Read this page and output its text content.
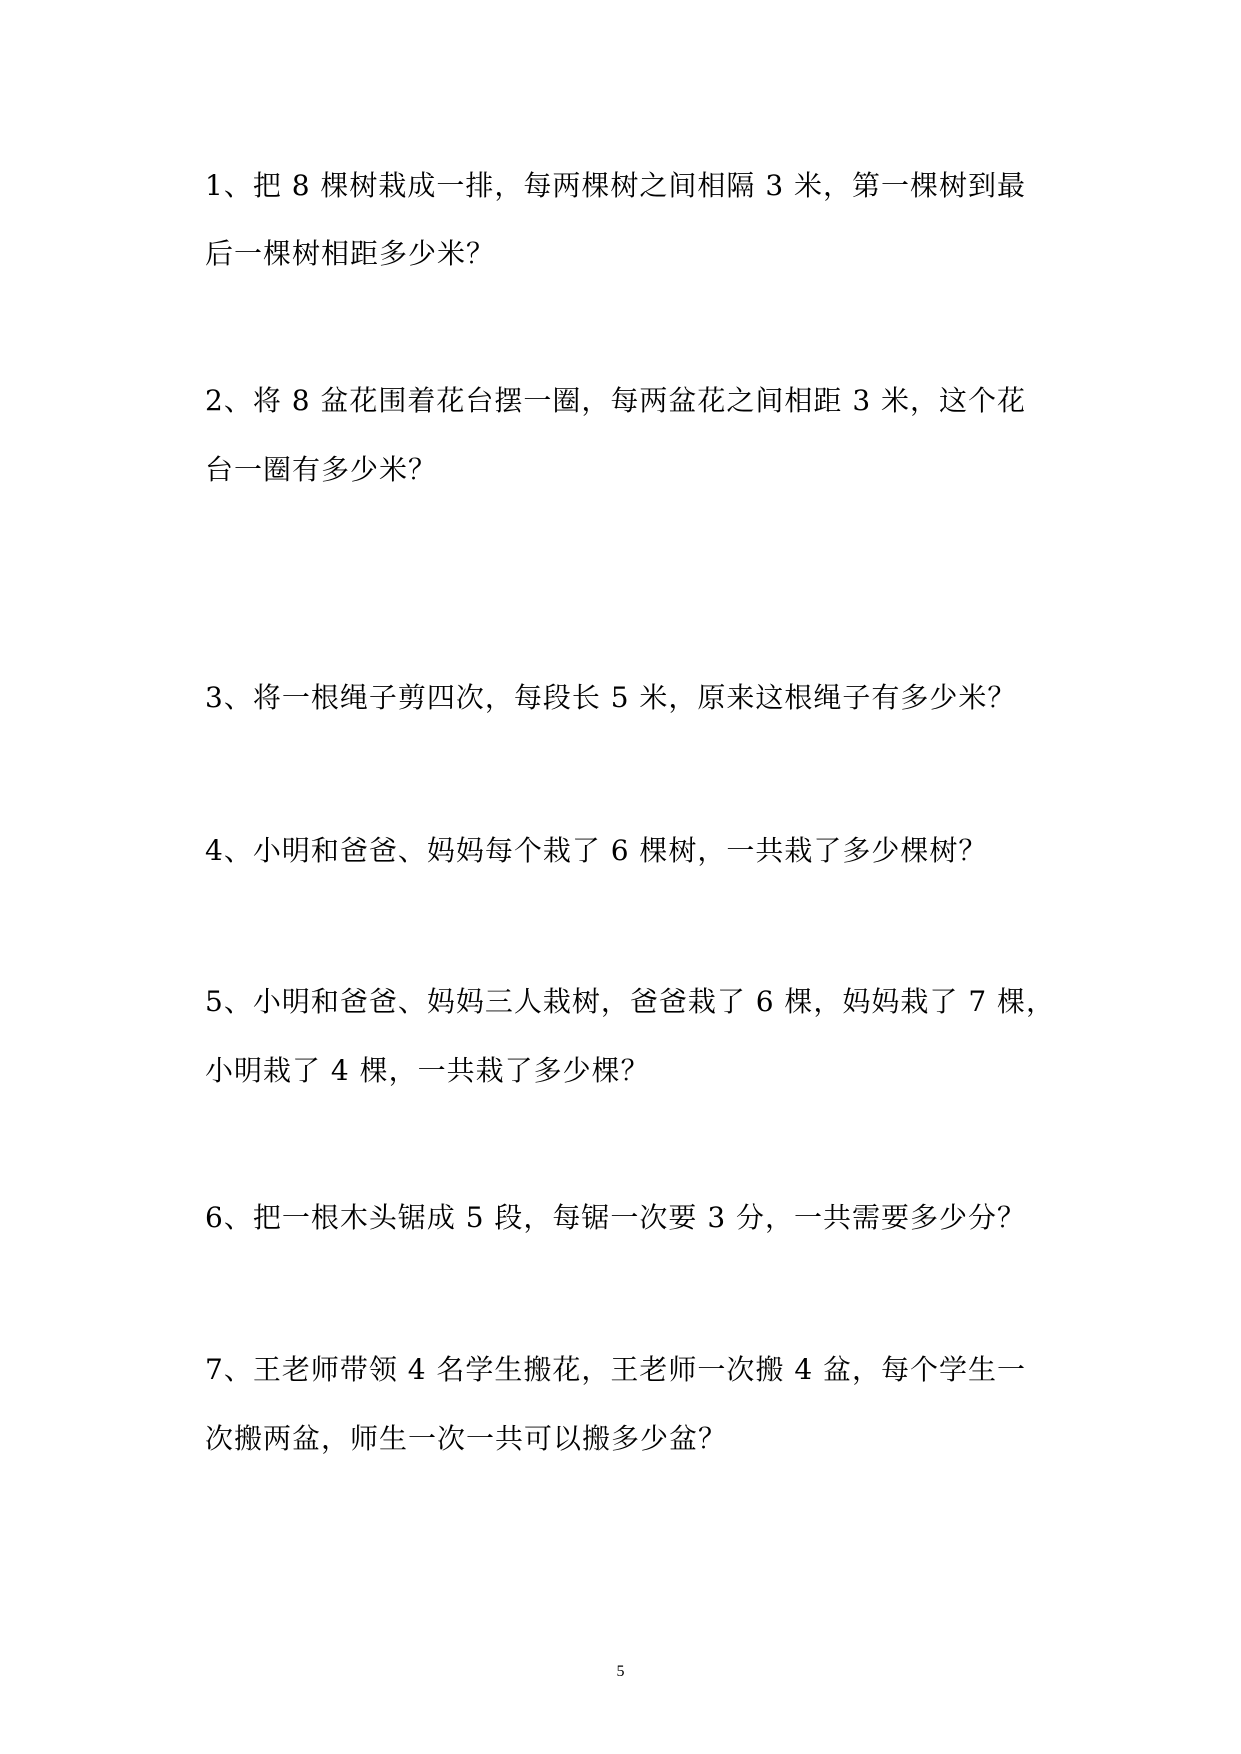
1、把 8 棵树栽成一排，每两棵树之间相隔 3 米，第一棵树到最
后一棵树相距多少米？
2、将 8 盆花围着花台摆一圈，每两盆花之间相距 3 米，这个花
台一圈有多少米？
3、将一根绳子剪四次，每段长 5 米，原来这根绳子有多少米？
4、小明和爸爸、妈妈每个栽了 6 棵树，一共栽了多少棵树？
5、小明和爸爸、妈妈三人栽树，爸爸栽了 6 棵，妈妈栽了 7 棵，
小明栽了 4 棵，一共栽了多少棵？
6、把一根木头锯成 5 段，每锯一次要 3 分，一共需要多少分？
7、王老师带领 4 名学生搬花，王老师一次搬 4 盆，每个学生一
次搬两盆，师生一次一共可以搬多少盆？
5
